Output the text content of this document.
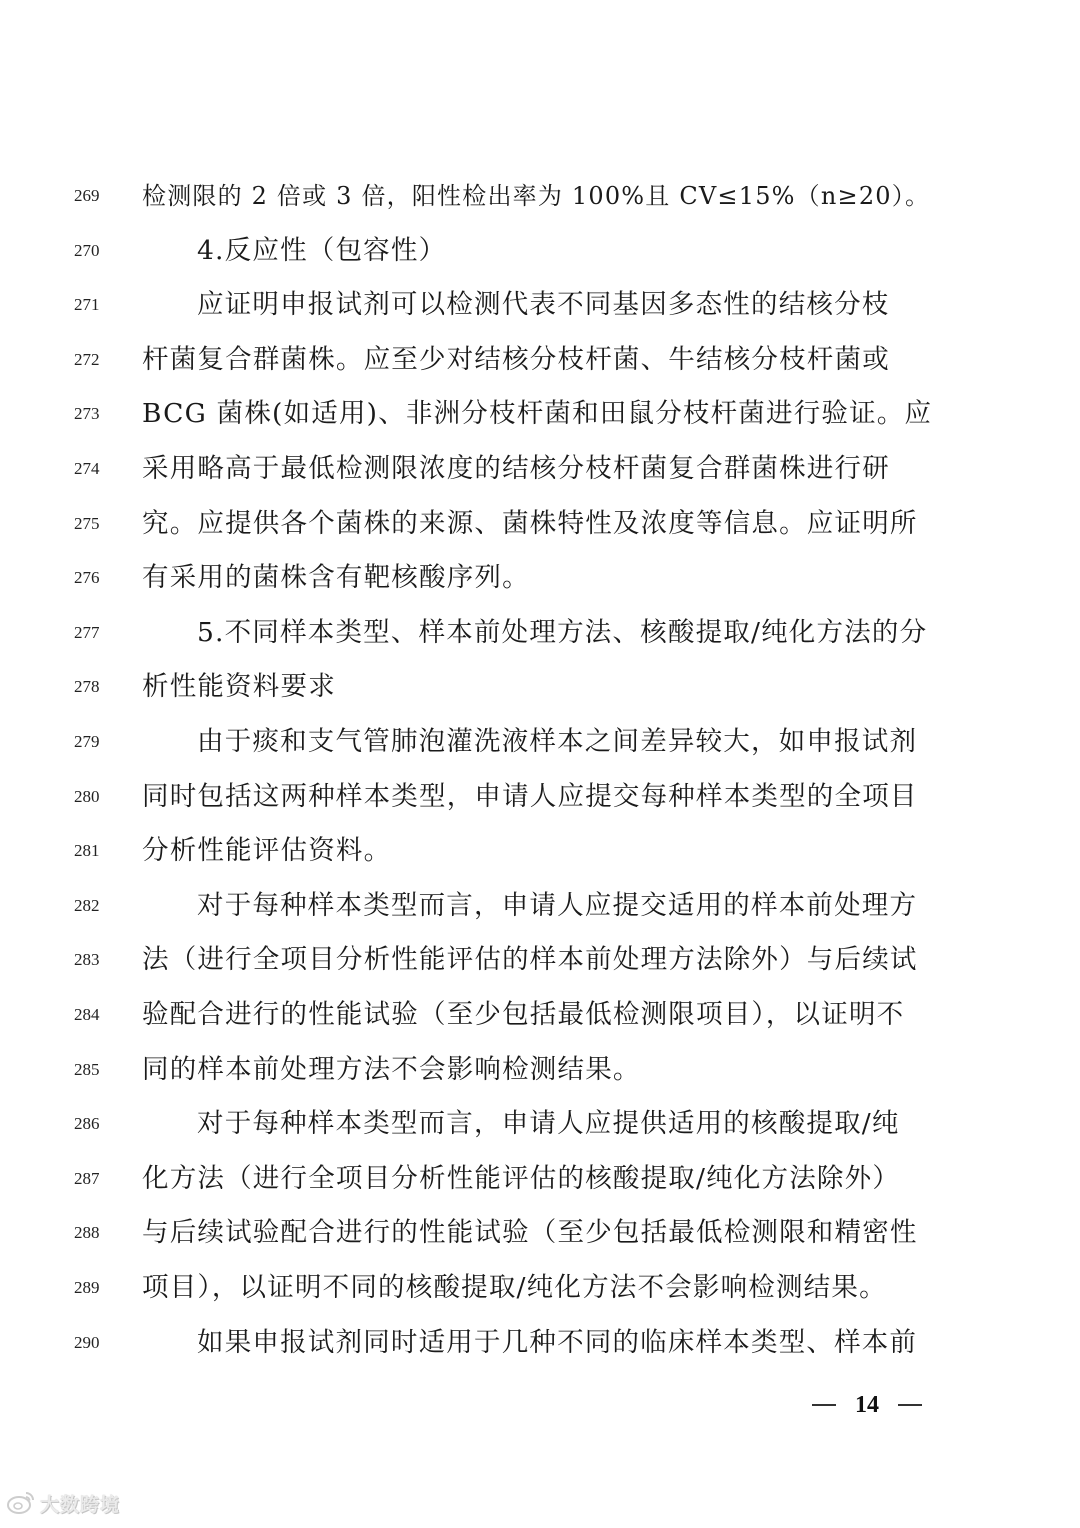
269	检测限的 2 倍或 3 倍，阳性检出率为 100%且 CV≤15%（n≥20）。
270	4.反应性（包容性）
271	应证明申报试剂可以检测代表不同基因多态性的结核分枝
272	杆菌复合群菌株。应至少对结核分枝杆菌、牛结核分枝杆菌或
273	BCG 菌株(如适用)、非洲分枝杆菌和田鼠分枝杆菌进行验证。应
274	采用略高于最低检测限浓度的结核分枝杆菌复合群菌株进行研
275	究。应提供各个菌株的来源、菌株特性及浓度等信息。应证明所
276	有采用的菌株含有靶核酸序列。
277	5.不同样本类型、样本前处理方法、核酸提取/纯化方法的分
278	析性能资料要求
279	由于痰和支气管肺泡灌洗液样本之间差异较大，如申报试剂
280	同时包括这两种样本类型，申请人应提交每种样本类型的全项目
281	分析性能评估资料。
282	对于每种样本类型而言，申请人应提交适用的样本前处理方
283	法（进行全项目分析性能评估的样本前处理方法除外）与后续试
284	验配合进行的性能试验（至少包括最低检测限项目），以证明不
285	同的样本前处理方法不会影响检测结果。
286	对于每种样本类型而言，申请人应提供适用的核酸提取/纯
287	化方法（进行全项目分析性能评估的核酸提取/纯化方法除外）
288	与后续试验配合进行的性能试验（至少包括最低检测限和精密性
289	项目），以证明不同的核酸提取/纯化方法不会影响检测结果。
290	如果申报试剂同时适用于几种不同的临床样本类型、样本前
14
大数跨境
